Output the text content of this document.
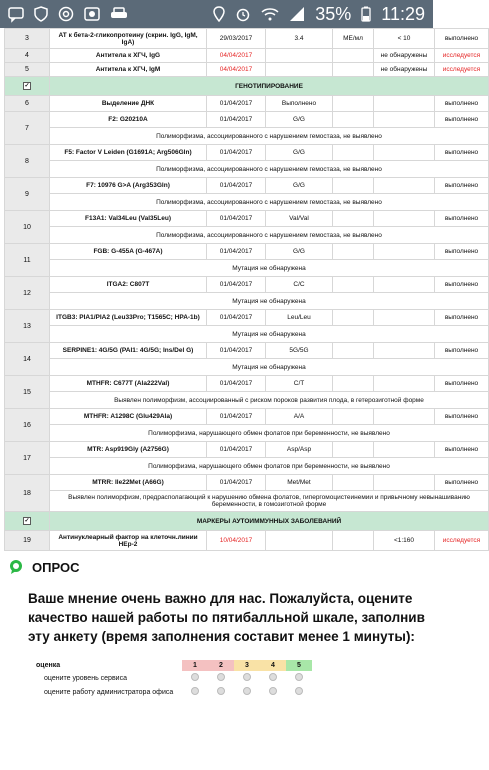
35% 11:29
3	АТ к бета-2-гликопротеину (скрин. IgG, IgM, IgA)	29/03/2017	3.4	МЕ/мл	< 10	выполнено
4	Антитела к ХГЧ, IgG	04/04/2017			не обнаружены	исследуется
5	Антитела к ХГЧ, IgM	04/04/2017			не обнаружены	исследуется
✓	ГЕНОТИПИРОВАНИЕ					
6	Выделение ДНК	01/04/2017	Выполнено			выполнено
7	F2: G20210A	01/04/2017	G/G			выполнено
	Полиморфизма, ассоциированного с нарушением гемостаза, не выявлено					
8	F5: Factor V Leiden (G1691A; Arg506Gln)	01/04/2017	G/G			выполнено
	Полиморфизма, ассоциированного с нарушением гемостаза, не выявлено					
9	F7: 10976 G>A (Arg353Gln)	01/04/2017	G/G			выполнено
	Полиморфизма, ассоциированного с нарушением гемостаза, не выявлено					
10	F13A1: Val34Leu (Val35Leu)	01/04/2017	Val/Val			выполнено
	Полиморфизма, ассоциированного с нарушением гемостаза, не выявлено					
11	FGB: G-455A (G-467A)	01/04/2017	G/G			выполнено
	Мутация не обнаружена					
12	ITGA2: C807T	01/04/2017	C/C			выполнено
	Мутация не обнаружена					
13	ITGB3: PIA1/PIA2 (Leu33Pro; T1565C; HPA-1b)	01/04/2017	Leu/Leu			выполнено
	Мутация не обнаружена					
14	SERPINE1: 4G/5G (PAI1: 4G/5G; Ins/Del G)	01/04/2017	5G/5G			выполнено
	Мутация не обнаружена					
15	MTHFR: C677T (Ala222Val)	01/04/2017	C/T			выполнено
	Выявлен полиморфизм, ассоциированный с риском пороков развития плода, в гетерозиготной форме					
16	MTHFR: A1298C (Glu429Ala)	01/04/2017	A/A			выполнено
	Полиморфизма, нарушающего обмен фолатов при беременности, не выявлено					
17	MTR: Asp919Gly (A2756G)	01/04/2017	Asp/Asp			выполнено
	Полиморфизма, нарушающего обмен фолатов при беременности, не выявлено					
18	MTRR: Ile22Met (A66G)	01/04/2017	Met/Met			выполнено
	Выявлен полиморфизм, предрасполагающий к нарушению обмена фолатов, гипергомоцистеинемии и привычному невынашиванию беременности, в гомозиготной форме					
✓	МАРКЕРЫ АУТОИММУННЫХ ЗАБОЛЕВАНИЙ					
19	Антинуклеарный фактор на клеточн.линии HEp-2	10/04/2017			<1:160	исследуется
ОПРОС
Ваше мнение очень важно для нас. Пожалуйста, оцените качество нашей работы по пятибалльной шкале, заполнив эту анкету (время заполнения составит менее 1 минуты):
оценка	1	2	3	4	5
оцените уровень сервиса					
оцените работу администратора офиса					
